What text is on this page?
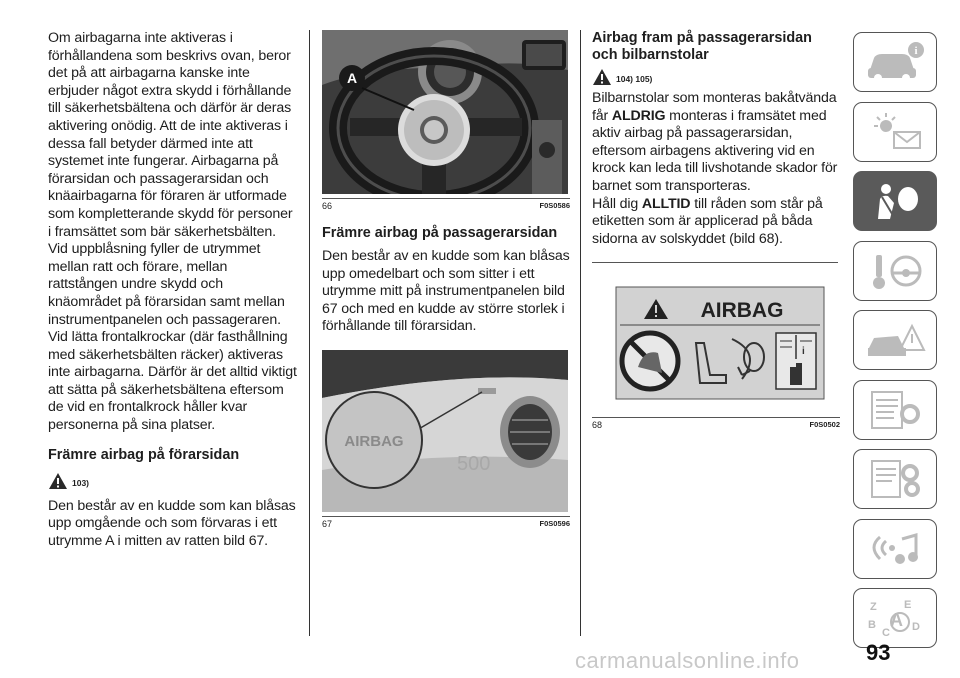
Om airbagarna inte aktiveras i förhållandena som beskrivs ovan, beror det på att airbagarna kanske inte erbjuder något extra skydd i förhållande till säkerhetsbältena och därför är deras aktivering onödig. Att de inte aktiveras i dessa fall betyder därmed inte att systemet inte fungerar. Airbagarna på förarsidan och passagerarsidan och knäairbagarna för föraren är utformade som kompletterande skydd för personer i framsättet som bär säkerhetsbälten. Vid uppblåsning fyller de utrymmet mellan ratt och förare, mellan rattstången undre skydd och knäområdet på förarsidan samt mellan instrumentpanelen och passageraren. Vid lätta frontalkrockar (där fasthållning med säkerhetsbälten räcker) aktiveras inte airbagarna. Därför är det alltid viktigt att sätta på säkerhetsbältena eftersom de vid en frontalkrock håller kvar personerna på sina platser.

Främre airbag på förarsidan
103)

Den består av en kudde som kan blåsas upp omgående och som förvaras i ett utrymme A i mitten av ratten bild 67.

A
66	F0S0586
Främre airbag på passagerarsidan

Den består av en kudde som kan blåsas upp omedelbart och som sitter i ett utrymme mitt på instrumentpanelen bild 67 och med en kudde av större storlek i förhållande till förarsidan.

500
AIRBAG
67	F0S0596
Airbag fram på passagerarsidan
och bilbarnstolar
104) 105)

Bilbarnstolar som monteras bakåtvända får ALDRIG monteras i framsätet med aktiv airbag på passagerarsidan, eftersom airbagens aktivering vid en krock kan leda till livshotande skador för barnet som transporteras.

Håll dig ALLTID till råden som står på etiketten som är applicerad på båda sidorna av solskyddet (bild 68).

AIRBAG
i
68	F0S0502
i
Z E
B
C D
A
93
carmanualsonline.info
